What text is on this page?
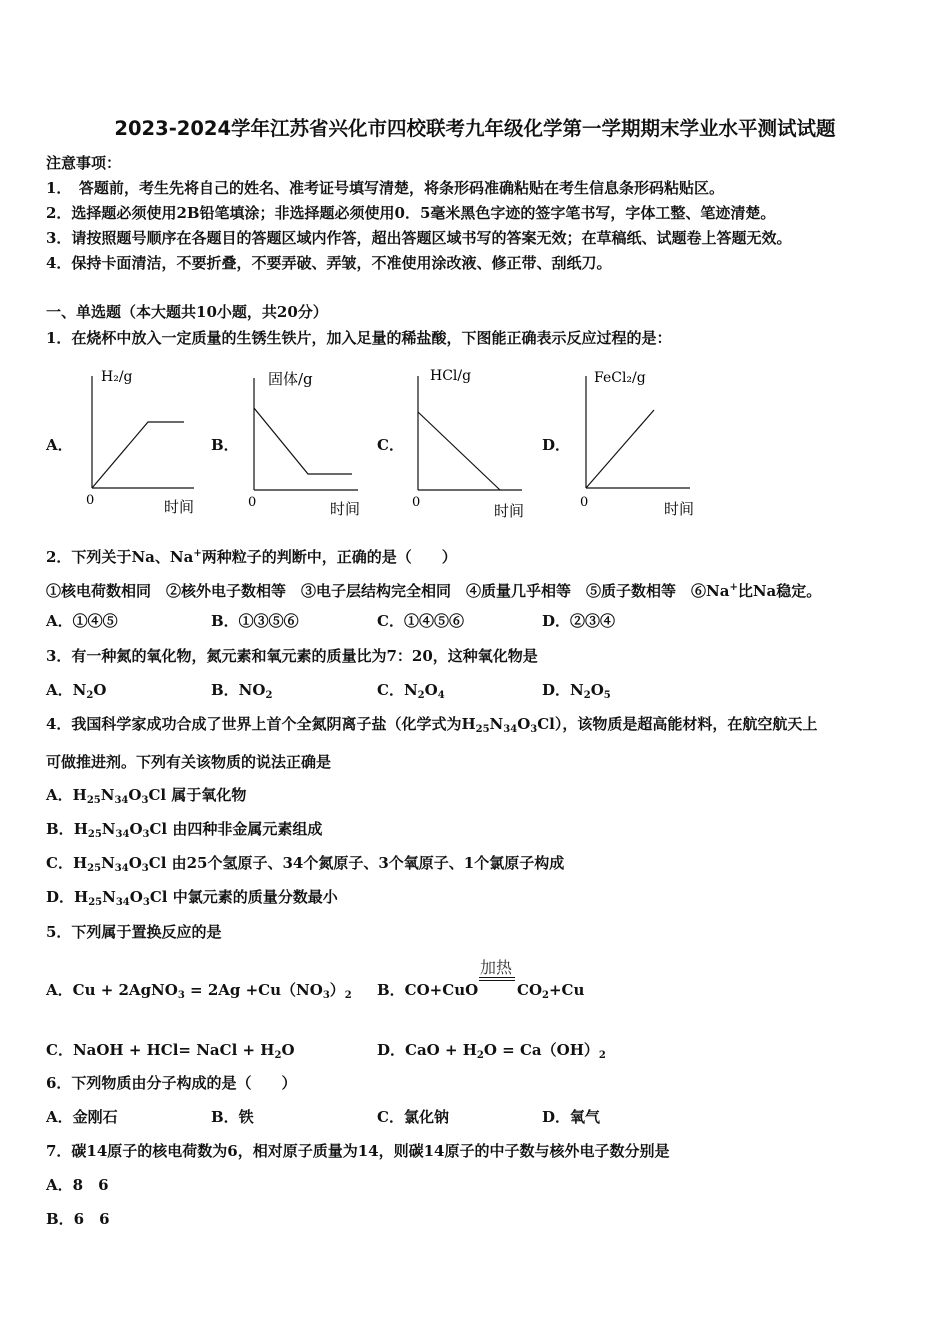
2023-2024学年江苏省兴化市四校联考九年级化学第一学期期末学业水平测试试题
注意事项：
1．　答题前，考生先将自己的姓名、准考证号填写清楚，将条形码准确粘贴在考生信息条形码粘贴区。
2．选择题必须使用2B铅笔填涂；非选择题必须使用0．5毫米黑色字迹的签字笔书写，字体工整、笔迹清楚。
3．请按照题号顺序在各题目的答题区域内作答，超出答题区域书写的答案无效；在草稿纸、试题卷上答题无效。
4．保持卡面清洁，不要折叠，不要弄破、弄皱，不准使用涂改液、修正带、刮纸刀。
一、单选题（本大题共10小题，共20分）
1．在烧杯中放入一定质量的生锈生铁片，加入足量的稀盐酸，下图能正确表示反应过程的是：
A．
H₂/g
0	时间
B．
固体/g
0	时间
C．
HCl/g
0	时间
D．
FeCl₂/g
0	时间
2．下列关于Na、Na+两种粒子的判断中，正确的是（　　）
①核电荷数相同　②核外电子数相等　③电子层结构完全相同　④质量几乎相等　⑤质子数相等　⑥Na+比Na稳定。
A．①④⑤	B．①③⑤⑥	C．①④⑤⑥	D．②③④
3．有一种氮的氧化物，氮元素和氧元素的质量比为7：20，这种氧化物是
A．$N_2O$	B．$NO_2$	C．$N_2O_4$	D．$N_2O_5$
4．我国科学家成功合成了世界上首个全氮阴离子盐（化学式为$H_{25}N_{34}O_3Cl$），该物质是超高能材料，在航空航天上
可做推进剂。下列有关该物质的说法正确是
A．$H_{25}N_{34}O_3Cl$ 属于氧化物
B．$H_{25}N_{34}O_3Cl$ 由四种非金属元素组成
C．$H_{25}N_{34}O_3Cl$ 由25个氢原子、34个氮原子、3个氧原子、1个氯原子构成
D．$H_{25}N_{34}O_3Cl$ 中氯元素的质量分数最小
5．下列属于置换反应的是
A．Cu + 2AgNO$_3$ = $2Ag +Cu(NO_3)_2$ B．CO+CuO
加热
$CO_2+Cu$
C．NaOH + HCl= NaCl + $H_2O$	D．CaO + $H_2O = Ca(OH)_2$
6．下列物质由分子构成的是（　　）
A．金刚石	B．铁	C．氯化钠	D．氧气
7．碳14原子的核电荷数为6，相对原子质量为14，则碳14原子的中子数与核外电子数分别是
A．8　6
B．6　6
